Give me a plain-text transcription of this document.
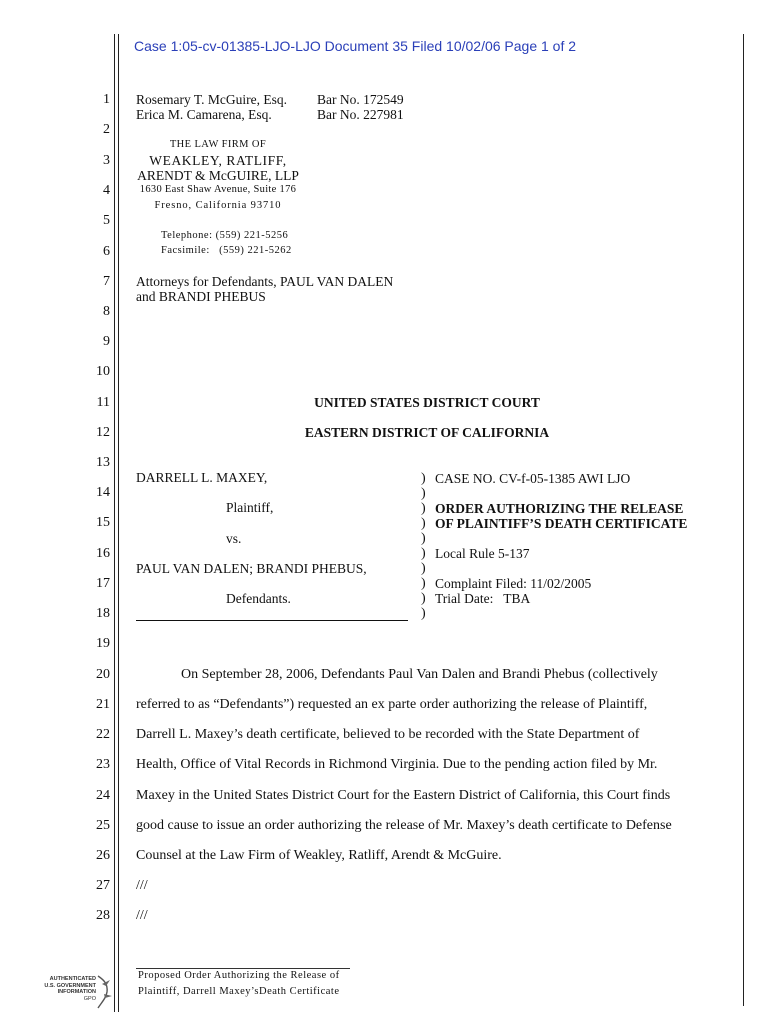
Case 1:05-cv-01385-LJO-LJO Document 35 Filed 10/02/06 Page 1 of 2
1
2
3
4
5
6
7
8
9
10
11
12
13
14
15
16
17
18
19
20
21
22
23
24
25
26
27
28
Rosemary T. McGuire, Esq. Bar No. 172549
Erica M. Camarena, Esq.	Bar No. 227981
THE LAW FIRM OF
WEAKLEY, RATLIFF,
ARENDT & McGUIRE, LLP
1630 East Shaw Avenue, Suite 176
Fresno, California 93710
Telephone: (559) 221-5256
Facsimile:   (559) 221-5262
Attorneys for Defendants, PAUL VAN DALEN
and BRANDI PHEBUS
UNITED STATES DISTRICT COURT
EASTERN DISTRICT OF CALIFORNIA
DARRELL L. MAXEY,
Plaintiff,
vs.
PAUL VAN DALEN; BRANDI PHEBUS,
Defendants.
)
)
)
)
)
)
)
)
)
)
CASE NO. CV-f-05-1385 AWI LJO
ORDER AUTHORIZING THE RELEASE
OF PLAINTIFF’S DEATH CERTIFICATE
Local Rule 5-137
Complaint Filed: 11/02/2005
Trial Date:   TBA
On September 28, 2006, Defendants Paul Van Dalen and Brandi Phebus (collectively
referred to as “Defendants”) requested an ex parte order authorizing the release of Plaintiff,
Darrell L. Maxey’s death certificate, believed to be recorded with the State Department of
Health, Office of Vital Records in Richmond Virginia. Due to the pending action filed by Mr.
Maxey in the United States District Court for the Eastern District of California, this Court finds
good cause to issue an order authorizing the release of Mr. Maxey’s death certificate to Defense
Counsel at the Law Firm of Weakley, Ratliff, Arendt & McGuire.
///
///
Proposed Order Authorizing the Release of
Plaintiff, Darrell Maxey’sDeath Certificate
AUTHENTICATED
U.S. GOVERNMENT
INFORMATION
GPO
